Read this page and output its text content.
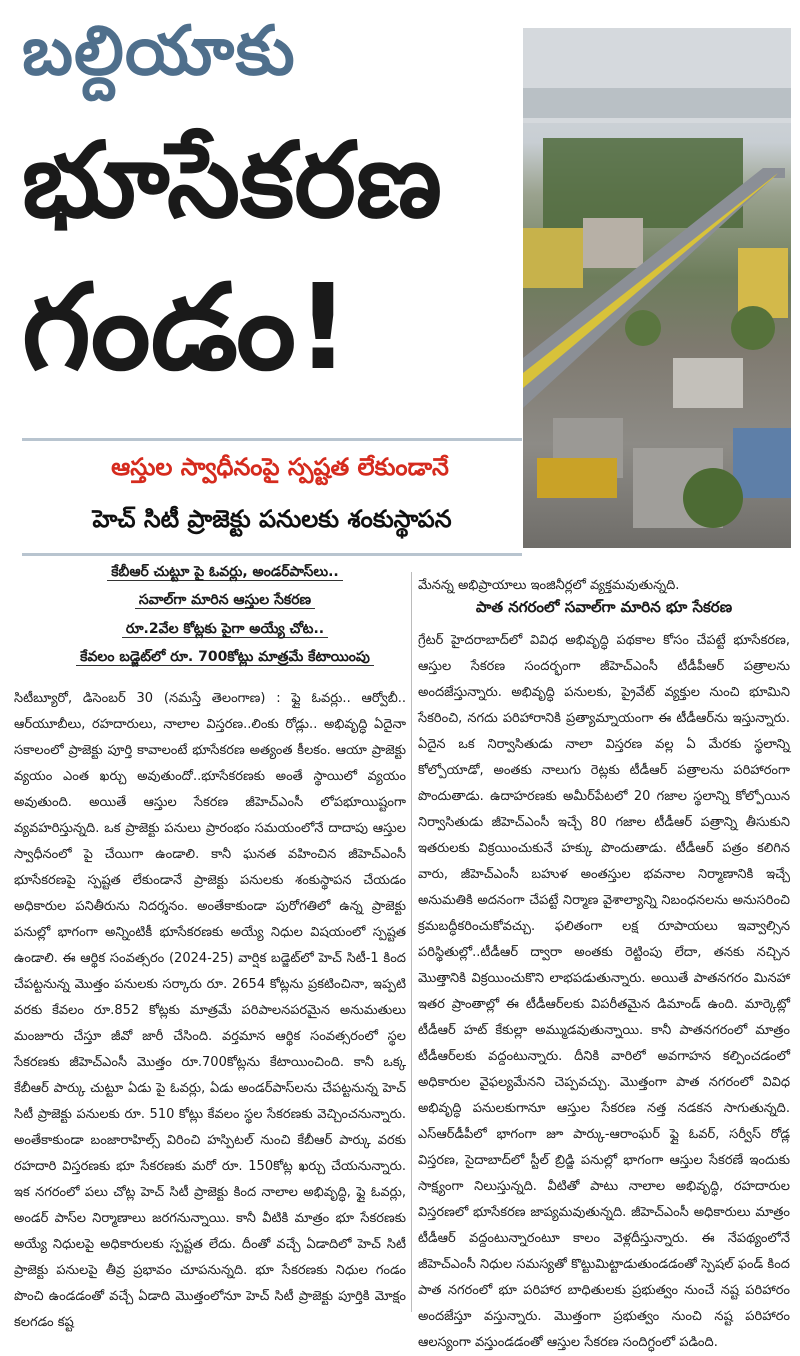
బల్దియాకు
భూసేకరణ
గండం!
ఆస్తుల స్వాధీనంపై స్పష్టత లేకుండానే
హెచ్ సిటీ ప్రాజెక్టు పనులకు శంకుస్థాపన
కేబీఆర్ చుట్టూ పై ఓవర్లు, అండర్‌పాస్‌లు..
సవాల్‌గా మారిన ఆస్తుల సేకరణ
రూ.2వేల కోట్లకు పైగా అయ్యే చోట..
కేవలం బడ్జెట్‌లో రూ. 700కోట్లు మాత్రమే కేటాయింపు
సిటీబ్యూరో, డిసెంబర్ 30 (నమస్తే తెలంగాణ) : ఫ్లై ఓవర్లు.. ఆర్వోబీ.. ఆర్‌యూబీలు, రహదారులు, నాలాల విస్తరణ..లింకు రోడ్లు.. అభివృద్ధి ఏదైనా సకాలంలో ప్రాజెక్టు పూర్తి కావాలంటే భూసేకరణ అత్యంత కీలకం. ఆయా ప్రాజెక్టు వ్యయం ఎంత ఖర్చు అవుతుందో..భూసేకరణకు అంతే స్థాయిలో వ్యయం అవుతుంది. అయితే ఆస్తుల సేకరణ జీహెచ్‌ఎంసీ లోపభూయిష్టంగా వ్యవహరిస్తున్నది. ఒక ప్రాజెక్టు పనులు ప్రారంభం సమయంలోనే దాదాపు ఆస్తుల స్వాధీనంలో పై చేయిగా ఉండాలి. కానీ ఘనత వహించిన జీహెచ్‌ఎంసీ భూసేకరణపై స్పష్టత లేకుండానే ప్రాజెక్టు పనులకు శంకుస్థాపన చేయడం అధికారుల పనితీరును నిదర్శనం. అంతేకాకుండా పురోగతిలో ఉన్న ప్రాజెక్టు పనుల్లో భాగంగా అన్నింటికీ భూసేకరణకు అయ్యే నిధుల విషయంలో స్పష్టత ఉండాలి. ఈ ఆర్థిక సంవత్సరం (2024-25) వార్షిక బడ్జెట్‌లో హెచ్ సిటీ-1 కింద చేపట్టనున్న మొత్తం పనులకు సర్కారు రూ. 2654 కోట్లను ప్రకటించినా, ఇప్పటి వరకు కేవలం రూ.852 కోట్లకు మాత్రమే పరిపాలనపరమైన అనుమతులు మంజూరు చేస్తూ జీవో జారీ చేసింది. వర్తమాన ఆర్థిక సంవత్సరంలో స్థల సేకరణకు జీహెచ్‌ఎంసీ మొత్తం రూ.700కోట్లను కేటాయించింది. కానీ ఒక్క కేబీఆర్ పార్కు చుట్టూ ఏడు పై ఓవర్లు, ఏడు అండర్‌పాస్‌లను చేపట్టనున్న హెచ్ సిటీ ప్రాజెక్టు పనులకు రూ. 510 కోట్లు కేవలం స్థల సేకరణకు వెచ్చించనున్నారు. అంతేకాకుండా బంజారాహిల్స్ విరించి హస్పిటల్ నుంచి కేబీఆర్ పార్కు వరకు రహదారి విస్తరణకు భూ సేకరణకు మరో రూ. 150కోట్ల ఖర్చు చేయనున్నారు. ఇక నగరంలో పలు చోట్ల హెచ్ సిటీ ప్రాజెక్టు కింద నాలాల అభివృద్ధి, ఫ్లై ఓవర్లు, అండర్ పాస్‌ల నిర్మాణాలు జరగనున్నాయి. కానీ వీటికి మాత్రం భూ సేకరణకు అయ్యే నిధులపై అధికారులకు స్పష్టత లేదు. దీంతో వచ్చే ఏడాదిలో హెచ్ సిటీ ప్రాజెక్టు పనులపై తీవ్ర ప్రభావం చూపనున్నది. భూ సేకరణకు నిధుల గండం పొంచి ఉండడంతో వచ్చే ఏడాది మొత్తంలోనూ హెచ్ సిటీ ప్రాజెక్టు పూర్తికి మోక్షం కలగడం కష్ట
మేనన్న అభిప్రాయాలు ఇంజినీర్లలో వ్యక్తమవుతున్నది.
పాత నగరంలో సవాల్‌గా మారిన భూ సేకరణ
గ్రేటర్ హైదరాబాద్‌లో వివిధ అభివృద్ధి పథకాల కోసం చేపట్టే భూసేకరణ, ఆస్తుల సేకరణ సందర్భంగా జీహెచ్‌ఎంసీ టీడీపీఆర్ పత్రాలను అందజేస్తున్నారు. అభివృద్ధి పనులకు, ప్రైవేట్ వ్యక్తుల నుంచి భూమిని సేకరించి, నగదు పరిహారానికి ప్రత్యామ్నాయంగా ఈ టీడీఆర్‌ను ఇస్తున్నారు. ఏదైన ఒక నిర్వాసితుడు నాలా విస్తరణ వల్ల ఏ మేరకు స్థలాన్ని కోల్పోయాడో, అంతకు నాలుగు రెట్లకు టీడీఆర్ పత్రాలను పరిహారంగా పొందుతాడు. ఉదాహరణకు అమీర్‌పేటలో 20 గజాల స్థలాన్ని కోల్పోయిన నిర్వాసితుడు జీహెచ్‌ఎంసీ ఇచ్చే 80 గజాల టీడీఆర్ పత్రాన్ని తీసుకుని ఇతరులకు విక్రయించుకునే హక్కు పొందుతాడు. టీడీఆర్ పత్రం కలిగిన వారు, జీహెచ్‌ఎంసీ బహుళ అంతస్తుల భవనాల నిర్మాణానికి ఇచ్చే అనుమతికి అదనంగా చేపట్టే నిర్మాణ వైశాల్యాన్ని నిబంధనలను అనుసరించి క్రమబద్ధీకరించుకోవచ్చు. ఫలితంగా లక్ష రూపాయలు ఇవ్వాల్సిన పరిస్థితుల్లో..టీడీఆర్ ద్వారా అంతకు రెట్టింపు లేదా, తనకు నచ్చిన మొత్తానికి విక్రయించుకొని లాభపడుతున్నారు. అయితే పాతనగరం మినహా ఇతర ప్రాంతాల్లో ఈ టీడీఆర్‌లకు విపరీతమైన డిమాండ్ ఉంది. మార్కెట్లో టీడీఆర్ హట్ కేకుల్లా అమ్ముడవుతున్నాయి. కానీ పాతనగరంలో మాత్రం టీడీఆర్‌లకు వద్దంటున్నారు. దీనికి వారిలో అవగాహన కల్పించడంలో అధికారుల వైఫల్యమేనని చెప్పవచ్చు. మొత్తంగా పాత నగరంలో వివిధ అభివృద్ధి పనులకుగానూ ఆస్తుల సేకరణ నత్త నడకన సాగుతున్నది. ఎస్‌ఆర్‌డీపీలో భాగంగా జూ పార్కు-ఆరాంఘర్ ఫ్లై ఓవర్, సర్వీస్ రోడ్ల విస్తరణ, సైదాబాద్‌లో స్టీల్ బ్రిడ్జి పనుల్లో భాగంగా ఆస్తుల సేకరణే ఇందుకు సాక్ష్యంగా నిలుస్తున్నది. వీటితో పాటు నాలాల అభివృద్ధి, రహదారుల విస్తరణలో భూసేకరణ జాప్యమవుతున్నది. జీహెచ్‌ఎంసీ అధికారులు మాత్రం టీడీఆర్ వద్దంటున్నారంటూ కాలం వెళ్లదీస్తున్నారు. ఈ నేపథ్యంలోనే జీహెచ్‌ఎంసీ నిధుల సమస్యతో కొట్టుమిట్టాడుతుండడంతో స్పెషల్ ఫండ్ కింద పాత నగరంలో భూ పరిహార బాధితులకు ప్రభుత్వం నుంచే నష్ట పరిహారం అందజేస్తూ వస్తున్నారు. మొత్తంగా ప్రభుత్వం నుంచి నష్ట పరిహారం ఆలస్యంగా వస్తుండడంతో ఆస్తుల సేకరణ సందిగ్ధంలో పడింది.
